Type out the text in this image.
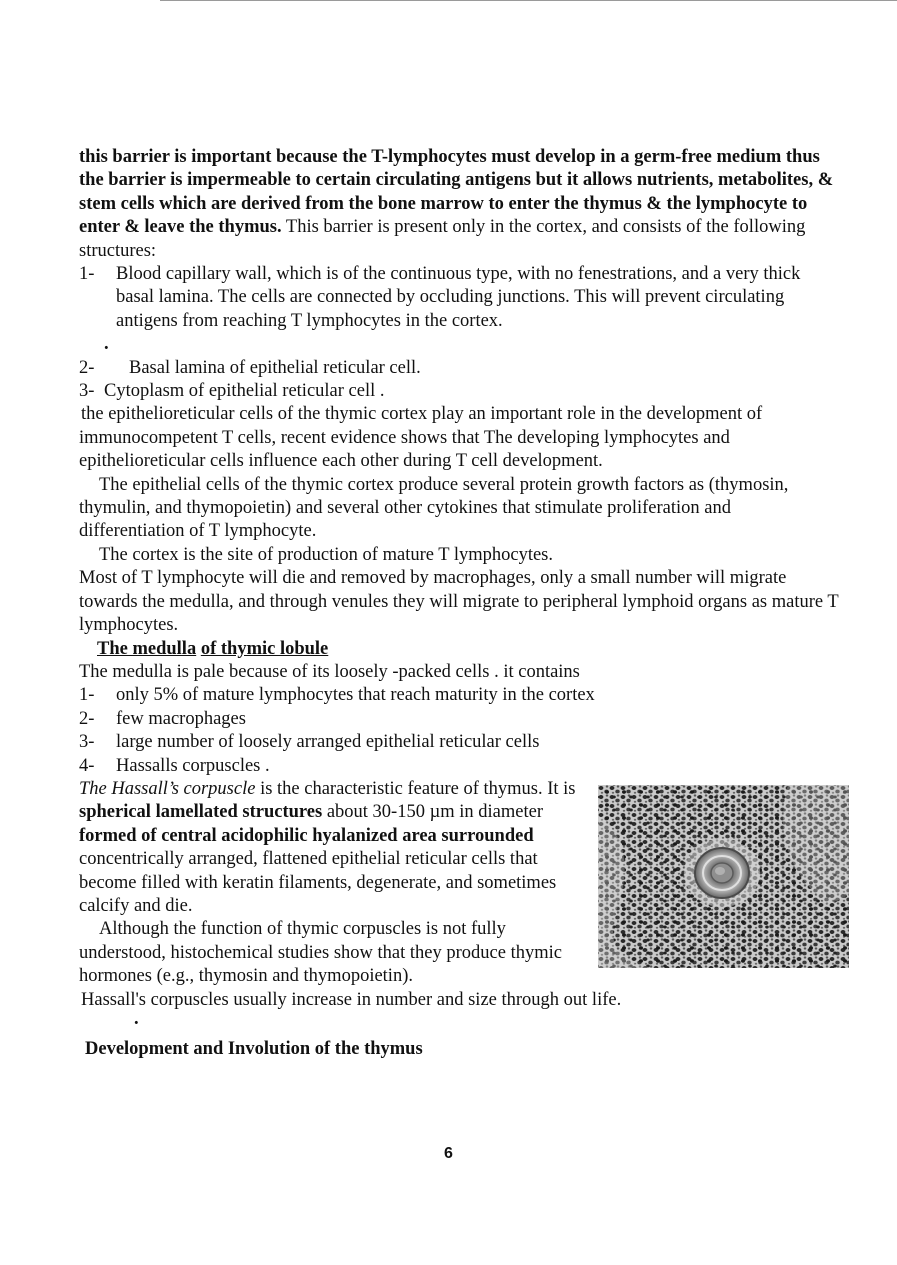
this barrier is important because the T-lymphocytes must develop in a germ-free medium thus the barrier is impermeable to certain circulating antigens but it allows nutrients, metabolites, & stem cells which are derived from the bone marrow to enter the thymus & the lymphocyte to enter & leave the thymus. This barrier is present only in the cortex, and consists of the following structures:

1- Blood capillary wall, which is of the continuous type, with no fenestrations, and a very thick basal lamina. The cells are connected by occluding junctions. This will prevent circulating antigens from reaching T lymphocytes in the cortex.
.
2- Basal lamina of epithelial reticular cell.
3- Cytoplasm of epithelial reticular cell .

the epithelioreticular cells of the thymic cortex play an important role in the development of immunocompetent T cells, recent evidence shows that The developing lymphocytes and epithelioreticular cells influence each other during T cell development.

The epithelial cells of the thymic cortex produce several protein growth factors as (thymosin, thymulin, and thymopoietin) and several other cytokines that stimulate proliferation and differentiation of T lymphocyte.

The cortex is the site of production of mature T lymphocytes.

Most of T lymphocyte will die and removed by macrophages, only a small number will migrate towards the medulla, and through venules they will migrate to peripheral lymphoid organs as mature T lymphocytes.

The medulla of thymic lobule

The medulla is pale because of its loosely -packed cells . it contains

1- only 5% of mature lymphocytes that reach maturity in the cortex
2- few macrophages
3- large number of loosely arranged epithelial reticular cells
4- Hassalls corpuscles .

The Hassall’s corpuscle is the characteristic feature of thymus. It is spherical lamellated structures about 30-150 µm in diameter formed of central acidophilic hyalanized area surrounded concentrically arranged, flattened epithelial reticular cells that become filled with keratin filaments, degenerate, and sometimes calcify and die.

Although the function of thymic corpuscles is not fully understood, histochemical studies show that they produce thymic hormones (e.g., thymosin and thymopoietin).

Hassall's corpuscles usually increase in number and size through out life.

.

Development and Involution of the thymus

6
